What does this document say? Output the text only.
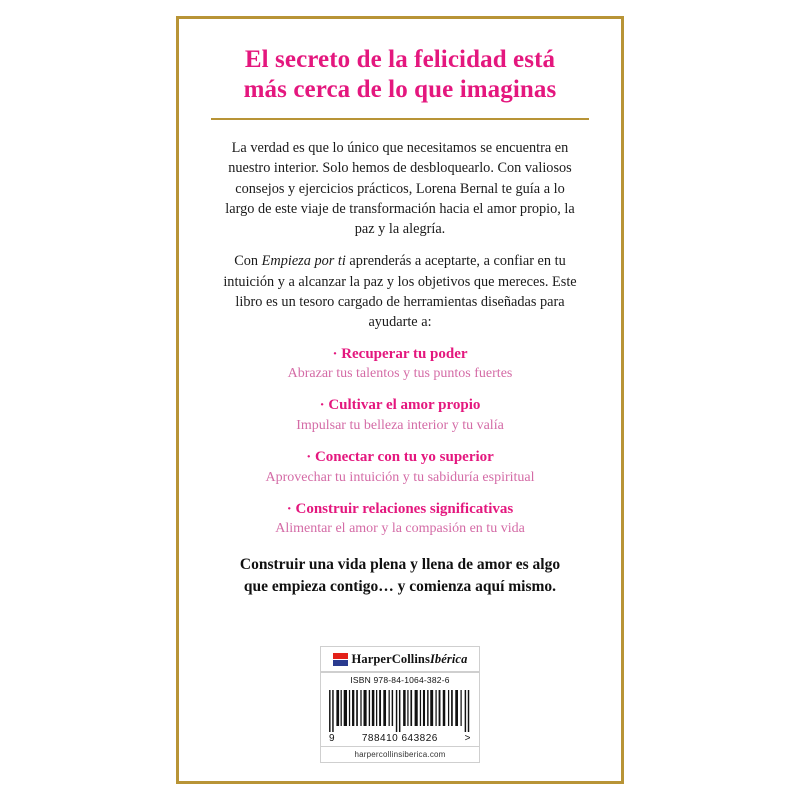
El secreto de la felicidad está
más cerca de lo que imaginas

La verdad es que lo único que necesitamos se encuentra en nuestro interior. Solo hemos de desbloquearlo. Con valiosos consejos y ejercicios prácticos, Lorena Bernal te guía a lo largo de este viaje de transformación hacia el amor propio, la paz y la alegría.

Con Empieza por ti aprenderás a aceptarte, a confiar en tu intuición y a alcanzar la paz y los objetivos que mereces. Este libro es un tesoro cargado de herramientas diseñadas para ayudarte a:

· Recuperar tu poder
Abrazar tus talentos y tus puntos fuertes
· Cultivar el amor propio
Impulsar tu belleza interior y tu valía
· Conectar con tu yo superior
Aprovechar tu intuición y tu sabiduría espiritual
· Construir relaciones significativas
Alimentar el amor y la compasión en tu vida
Construir una vida plena y llena de amor es algo
que empieza contigo… y comienza aquí mismo.
HarperCollinsIbérica
ISBN 978-84-1064-382-6
9	788410 643826	>
harpercollinsiberica.com
